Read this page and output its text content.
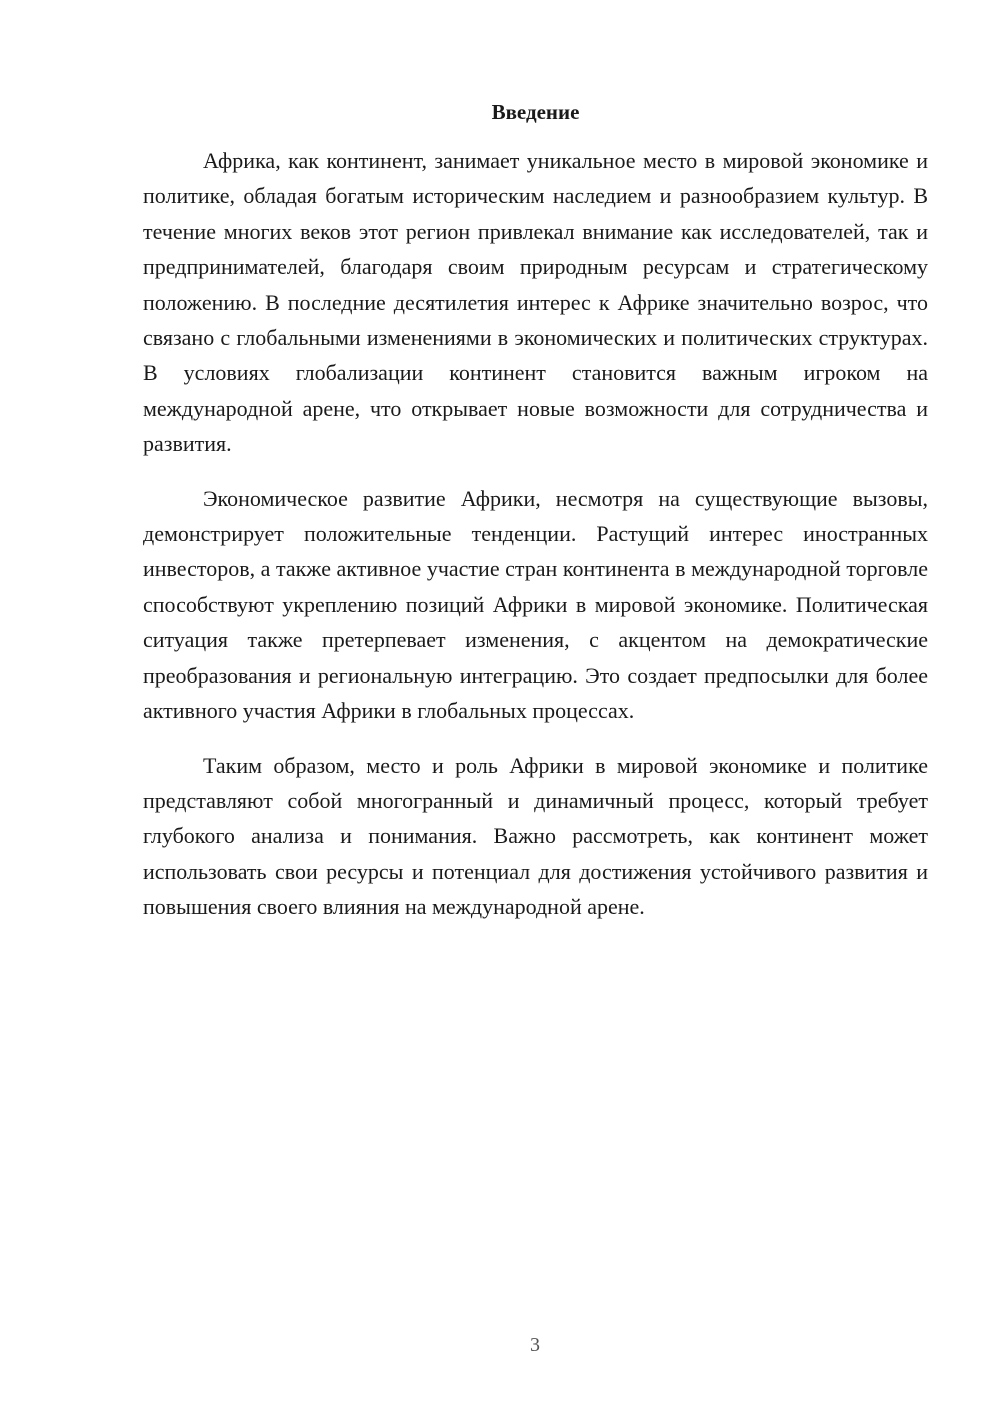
Введение

Африка, как континент, занимает уникальное место в мировой экономике и политике, обладая богатым историческим наследием и разнообразием культур. В течение многих веков этот регион привлекал внимание как исследователей, так и предпринимателей, благодаря своим природным ресурсам и стратегическому положению. В последние десятилетия интерес к Африке значительно возрос, что связано с глобальными изменениями в экономических и политических структурах. В условиях глобализации континент становится важным игроком на международной арене, что открывает новые возможности для сотрудничества и развития.

Экономическое развитие Африки, несмотря на существующие вызовы, демонстрирует положительные тенденции. Растущий интерес иностранных инвесторов, а также активное участие стран континента в международной торговле способствуют укреплению позиций Африки в мировой экономике. Политическая ситуация также претерпевает изменения, с акцентом на демократические преобразования и региональную интеграцию. Это создает предпосылки для более активного участия Африки в глобальных процессах.

Таким образом, место и роль Африки в мировой экономике и политике представляют собой многогранный и динамичный процесс, который требует глубокого анализа и понимания. Важно рассмотреть, как континент может использовать свои ресурсы и потенциал для достижения устойчивого развития и повышения своего влияния на международной арене.

3
